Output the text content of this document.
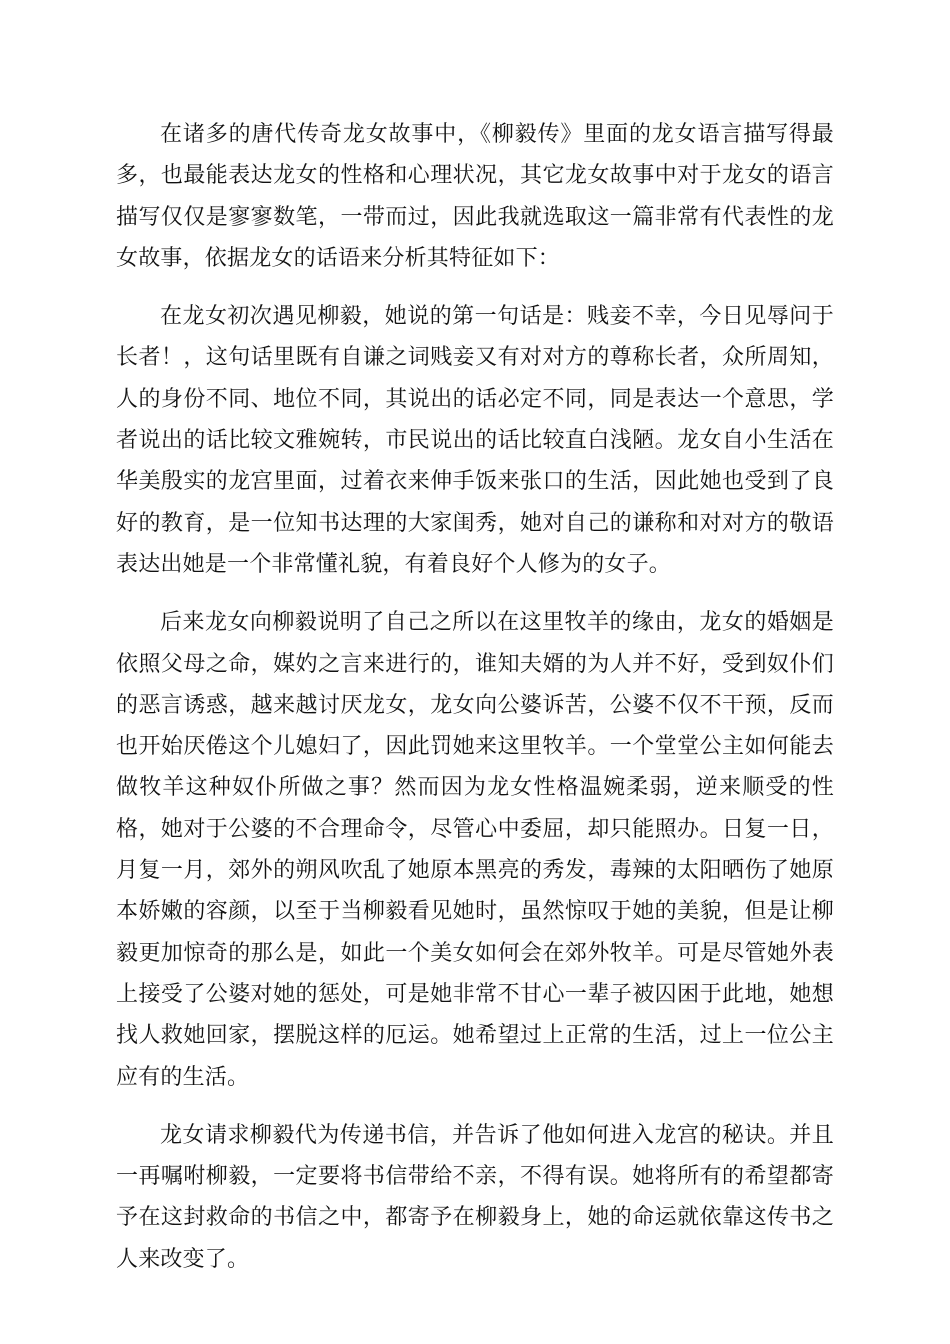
在诸多的唐代传奇龙女故事中，《柳毅传》里面的龙女语言描写得最多，也最能表达龙女的性格和心理状况，其它龙女故事中对于龙女的语言描写仅仅是寥寥数笔，一带而过，因此我就选取这一篇非常有代表性的龙女故事，依据龙女的话语来分析其特征如下：

在龙女初次遇见柳毅，她说的第一句话是：贱妾不幸，今日见辱问于长者！，这句话里既有自谦之词贱妾又有对对方的尊称长者，众所周知，人的身份不同、地位不同，其说出的话必定不同，同是表达一个意思，学者说出的话比较文雅婉转，市民说出的话比较直白浅陋。龙女自小生活在华美殷实的龙宫里面，过着衣来伸手饭来张口的生活，因此她也受到了良好的教育，是一位知书达理的大家闺秀，她对自己的谦称和对对方的敬语表达出她是一个非常懂礼貌，有着良好个人修为的女子。

后来龙女向柳毅说明了自己之所以在这里牧羊的缘由，龙女的婚姻是依照父母之命，媒妁之言来进行的，谁知夫婿的为人并不好，受到奴仆们的恶言诱惑，越来越讨厌龙女，龙女向公婆诉苦，公婆不仅不干预，反而也开始厌倦这个儿媳妇了，因此罚她来这里牧羊。一个堂堂公主如何能去做牧羊这种奴仆所做之事？然而因为龙女性格温婉柔弱，逆来顺受的性格，她对于公婆的不合理命令，尽管心中委屈，却只能照办。日复一日，月复一月，郊外的朔风吹乱了她原本黑亮的秀发，毒辣的太阳晒伤了她原本娇嫩的容颜，以至于当柳毅看见她时，虽然惊叹于她的美貌，但是让柳毅更加惊奇的那么是，如此一个美女如何会在郊外牧羊。可是尽管她外表上接受了公婆对她的惩处，可是她非常不甘心一辈子被囚困于此地，她想找人救她回家，摆脱这样的厄运。她希望过上正常的生活，过上一位公主应有的生活。

龙女请求柳毅代为传递书信，并告诉了他如何进入龙宫的秘诀。并且一再嘱咐柳毅，一定要将书信带给不亲，不得有误。她将所有的希望都寄予在这封救命的书信之中，都寄予在柳毅身上，她的命运就依靠这传书之人来改变了。
